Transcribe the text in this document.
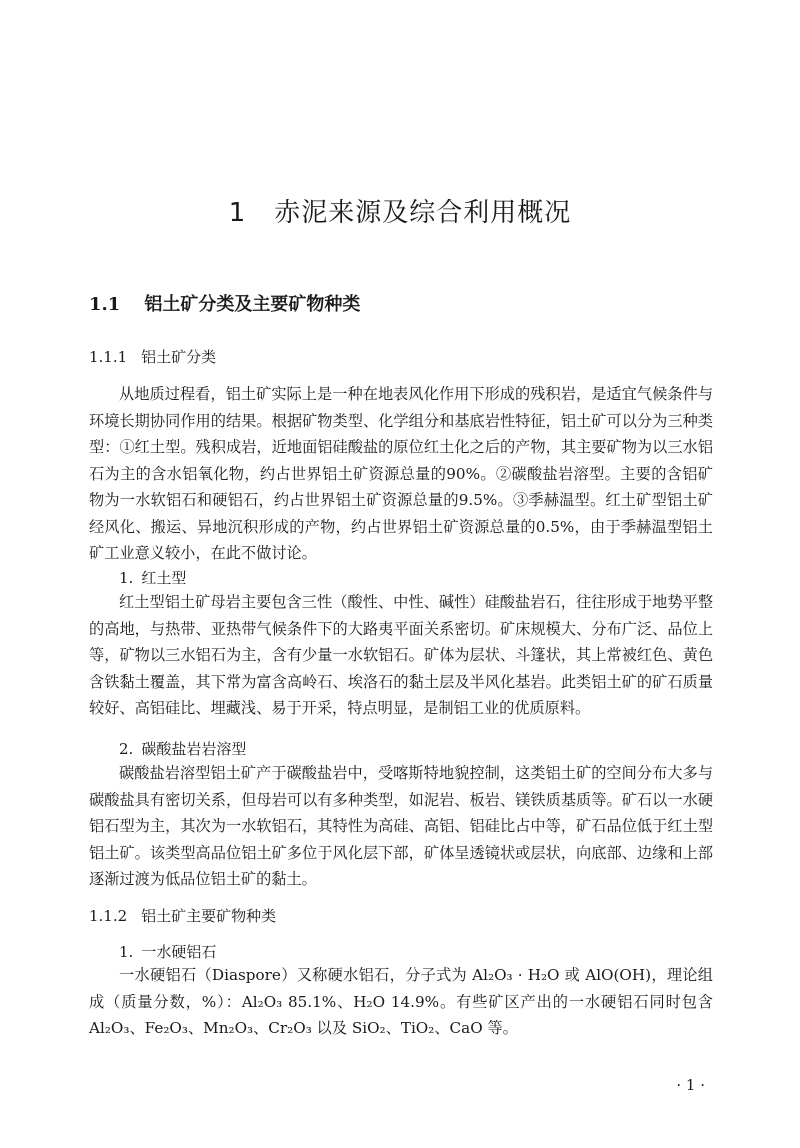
1 赤泥来源及综合利用概况
1.1 铝土矿分类及主要矿物种类
1.1.1 铝土矿分类

从地质过程看，铝土矿实际上是一种在地表风化作用下形成的残积岩，是适宜气候条件与环境长期协同作用的结果。根据矿物类型、化学组分和基底岩性特征，铝土矿可以分为三种类型：①红土型。残积成岩，近地面铝硅酸盐的原位红土化之后的产物，其主要矿物为以三水铝石为主的含水铝氧化物，约占世界铝土矿资源总量的90%。②碳酸盐岩溶型。主要的含铝矿物为一水软铝石和硬铝石，约占世界铝土矿资源总量的9.5%。③季赫温型。红土矿型铝土矿经风化、搬运、异地沉积形成的产物，约占世界铝土矿资源总量的0.5%，由于季赫温型铝土矿工业意义较小，在此不做讨论。

1. 红土型

红土型铝土矿母岩主要包含三性（酸性、中性、碱性）硅酸盐岩石，往往形成于地势平整的高地，与热带、亚热带气候条件下的大路夷平面关系密切。矿床规模大、分布广泛、品位上等，矿物以三水铝石为主，含有少量一水软铝石。矿体为层状、斗篷状，其上常被红色、黄色含铁黏土覆盖，其下常为富含高岭石、埃洛石的黏土层及半风化基岩。此类铝土矿的矿石质量较好、高铝硅比、埋藏浅、易于开采，特点明显，是制铝工业的优质原料。

2. 碳酸盐岩岩溶型

碳酸盐岩溶型铝土矿产于碳酸盐岩中，受喀斯特地貌控制，这类铝土矿的空间分布大多与碳酸盐具有密切关系，但母岩可以有多种类型，如泥岩、板岩、镁铁质基质等。矿石以一水硬铝石型为主，其次为一水软铝石，其特性为高硅、高铝、铝硅比占中等，矿石品位低于红土型铝土矿。该类型高品位铝土矿多位于风化层下部，矿体呈透镜状或层状，向底部、边缘和上部逐渐过渡为低品位铝土矿的黏土。

1.1.2 铝土矿主要矿物种类
1. 一水硬铝石

一水硬铝石（Diaspore）又称硬水铝石，分子式为 Al₂O₃ · H₂O 或 AlO(OH)，理论组成（质量分数，%）：Al₂O₃ 85.1%、H₂O 14.9%。有些矿区产出的一水硬铝石同时包含 Al₂O₃、Fe₂O₃、Mn₂O₃、Cr₂O₃ 以及 SiO₂、TiO₂、CaO 等。

· 1 ·
